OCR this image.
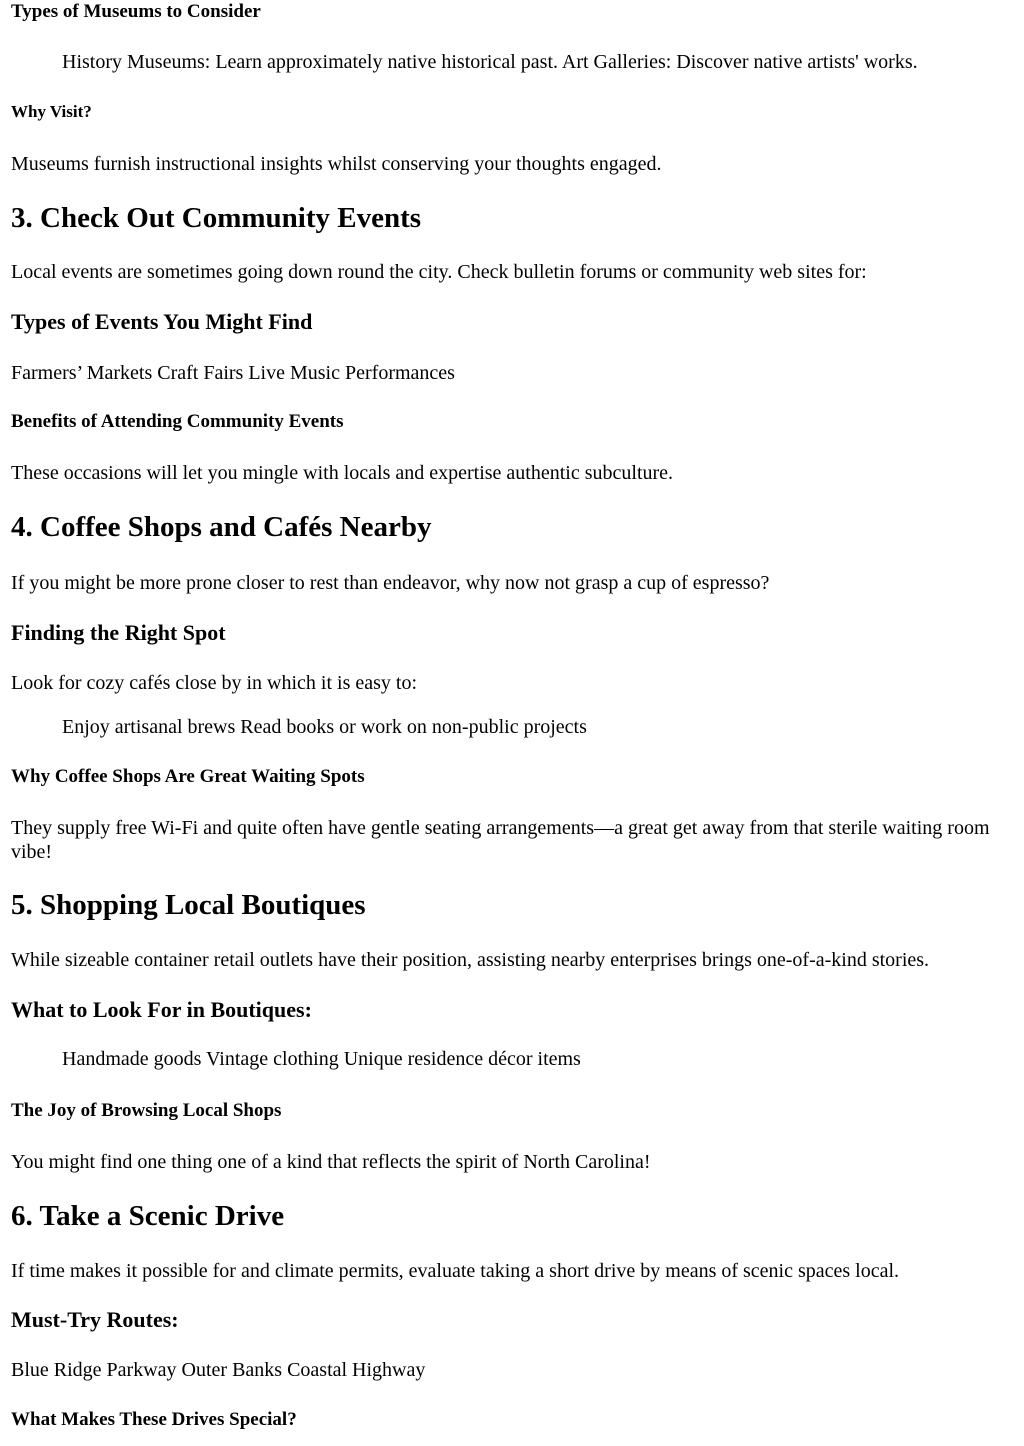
Types of Museums to Consider

History Museums: Learn approximately native historical past. Art Galleries: Discover native artists' works.

Why Visit?

Museums furnish instructional insights whilst conserving your thoughts engaged.

3. Check Out Community Events

Local events are sometimes going down round the city. Check bulletin forums or community web sites for:

Types of Events You Might Find

Farmers’ Markets Craft Fairs Live Music Performances

Benefits of Attending Community Events

These occasions will let you mingle with locals and expertise authentic subculture.

4. Coffee Shops and Cafés Nearby

If you might be more prone closer to rest than endeavor, why now not grasp a cup of espresso?

Finding the Right Spot

Look for cozy cafés close by in which it is easy to:

Enjoy artisanal brews Read books or work on non-public projects

Why Coffee Shops Are Great Waiting Spots

They supply free Wi-Fi and quite often have gentle seating arrangements—a great get away from that sterile waiting room vibe!

5. Shopping Local Boutiques

While sizeable container retail outlets have their position, assisting nearby enterprises brings one-of-a-kind stories.

What to Look For in Boutiques:

Handmade goods Vintage clothing Unique residence décor items

The Joy of Browsing Local Shops

You might find one thing one of a kind that reflects the spirit of North Carolina!

6. Take a Scenic Drive

If time makes it possible for and climate permits, evaluate taking a short drive by means of scenic spaces local.

Must-Try Routes:

Blue Ridge Parkway Outer Banks Coastal Highway

What Makes These Drives Special?
